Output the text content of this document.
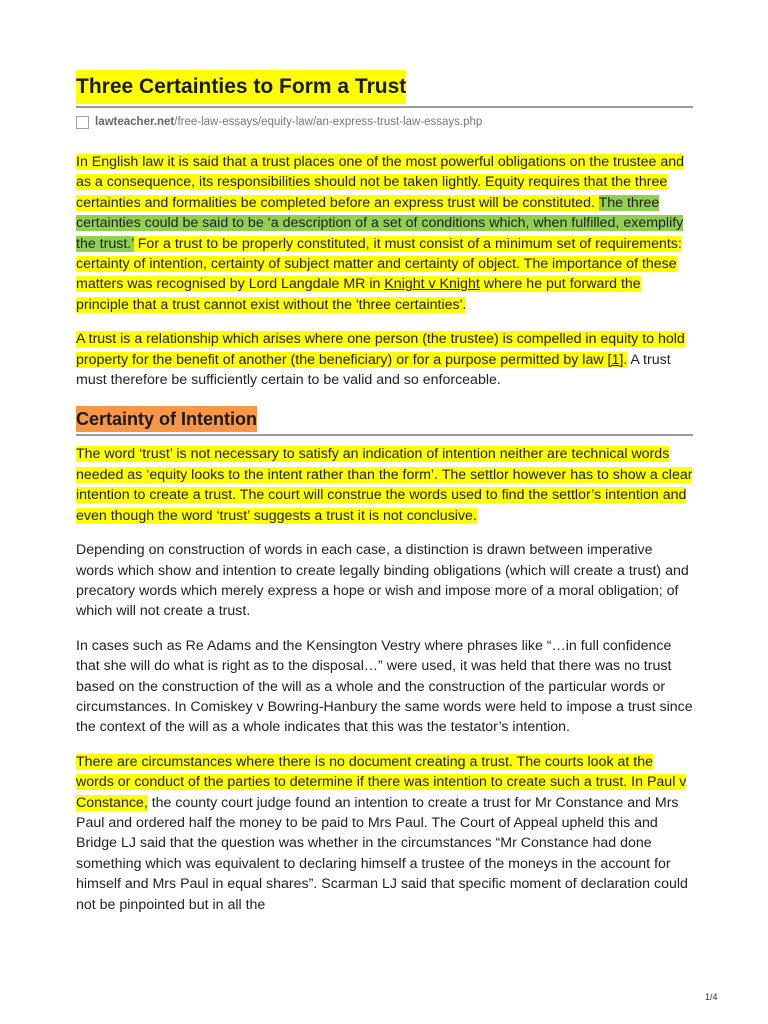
Three Certainties to Form a Trust
lawteacher.net /free-law-essays/equity-law/an-express-trust-law-essays.php

In English law it is said that a trust places one of the most powerful obligations on the trustee and as a consequence, its responsibilities should not be taken lightly. Equity requires that the three certainties and formalities be completed before an express trust will be constituted. The three certainties could be said to be ‘a description of a set of conditions which, when fulfilled, exemplify the trust.’ For a trust to be properly constituted, it must consist of a minimum set of requirements: certainty of intention, certainty of subject matter and certainty of object. The importance of these matters was recognised by Lord Langdale MR in Knight v Knight where he put forward the principle that a trust cannot exist without the 'three certainties'.

A trust is a relationship which arises where one person (the trustee) is compelled in equity to hold property for the benefit of another (the beneficiary) or for a purpose permitted by law [1]. A trust must therefore be sufficiently certain to be valid and so enforceable.

Certainty of Intention

The word ‘trust’ is not necessary to satisfy an indication of intention neither are technical words needed as ‘equity looks to the intent rather than the form’. The settlor however has to show a clear intention to create a trust. The court will construe the words used to find the settlor’s intention and even though the word ‘trust’ suggests a trust it is not conclusive.

Depending on construction of words in each case, a distinction is drawn between imperative words which show and intention to create legally binding obligations (which will create a trust) and precatory words which merely express a hope or wish and impose more of a moral obligation; of which will not create a trust.

In cases such as Re Adams and the Kensington Vestry where phrases like “…in full confidence that she will do what is right as to the disposal…” were used, it was held that there was no trust based on the construction of the will as a whole and the construction of the particular words or circumstances. In Comiskey v Bowring-Hanbury the same words were held to impose a trust since the context of the will as a whole indicates that this was the testator’s intention.

There are circumstances where there is no document creating a trust. The courts look at the words or conduct of the parties to determine if there was intention to create such a trust. In Paul v Constance, the county court judge found an intention to create a trust for Mr Constance and Mrs Paul and ordered half the money to be paid to Mrs Paul. The Court of Appeal upheld this and Bridge LJ said that the question was whether in the circumstances “Mr Constance had done something which was equivalent to declaring himself a trustee of the moneys in the account for himself and Mrs Paul in equal shares”. Scarman LJ said that specific moment of declaration could not be pinpointed but in all the

1/4
